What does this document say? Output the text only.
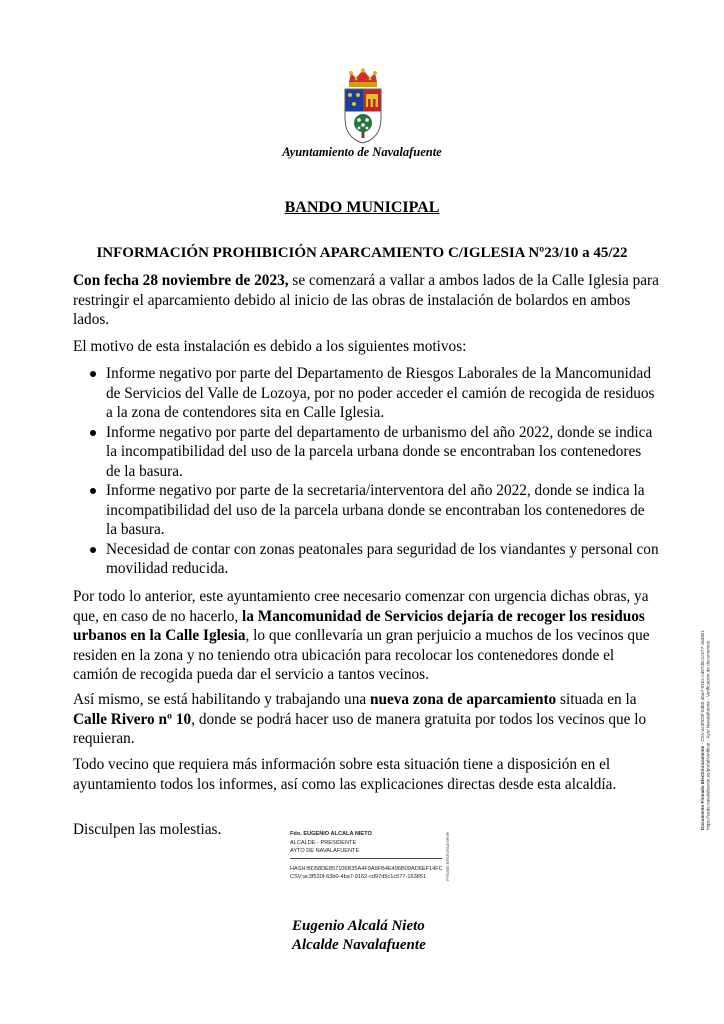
Ayuntamiento de Navalafuente
BANDO MUNICIPAL
INFORMACIÓN PROHIBICIÓN APARCAMIENTO C/IGLESIA Nº23/10 a 45/22
Con fecha 28 noviembre de 2023, se comenzará a vallar a ambos lados de la Calle Iglesia para restringir el aparcamiento debido al inicio de las obras de instalación de bolardos en ambos lados.
El motivo de esta instalación es debido a los siguientes motivos:
Informe negativo por parte del Departamento de Riesgos Laborales de la Mancomunidad de Servicios del Valle de Lozoya, por no poder acceder el camión de recogida de residuos a la zona de contendores sita en Calle Iglesia.
Informe negativo por parte del departamento de urbanismo del año 2022, donde se indica la incompatibilidad del uso de la parcela urbana donde se encontraban los contenedores de la basura.
Informe negativo por parte de la secretaria/interventora del año 2022, donde se indica la incompatibilidad del uso de la parcela urbana donde se encontraban los contenedores de la basura.
Necesidad de contar con zonas peatonales para seguridad de los viandantes y personal con movilidad reducida.
Por todo lo anterior, este ayuntamiento cree necesario comenzar con urgencia dichas obras, ya que, en caso de no hacerlo, la Mancomunidad de Servicios dejaría de recoger los residuos urbanos en la Calle Iglesia, lo que conllevaría un gran perjuicio a muchos de los vecinos que residen en la zona y no teniendo otra ubicación para recolocar los contenedores donde el camión de recogida pueda dar el servicio a tantos vecinos.
Así mismo, se está habilitando y trabajando una nueva zona de aparcamiento situada en la Calle Rivero nº 10, donde se podrá hacer uso de manera gratuita por todos los vecinos que lo requieran.
Todo vecino que requiera más información sobre esta situación tiene a disposición en el ayuntamiento todos los informes, así como las explicaciones directas desde esta alcaldía.
Disculpen las molestias.	Fdo. EUGENIO ALCALA NIETO
ALCALDE - PRESIDENTE
AYTO DE NAVALAFUENTE
HASH:BD58DE857106B35A4F9A9FB4E496B09AD6EF14FC
CSV:ac3f520f-63b0-4ba7-9162-cd97d5c1c577-163851	Firmado Electrónicamente
Eugenio Alcalá Nieto
Alcalde Navalafuente
Documento Firmado Electrónicamente - CSV:ac3f520f-63b0-4ba7-9162-cd97d5c1c577-163851
https://sede.navalafuente.es/portal/verificar - Ayto Navalafuente - Verificación de documentos
